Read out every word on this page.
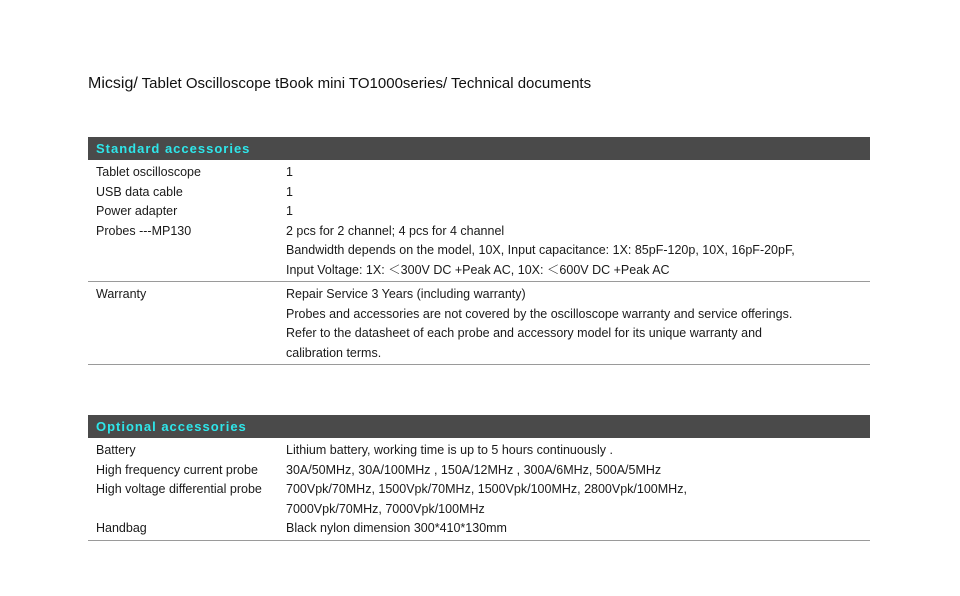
Micsig/ Tablet Oscilloscope tBook mini TO1000series/ Technical documents
Standard accessories
Tablet oscilloscope	1
USB data cable	1
Power adapter	1
Probes ---MP130	2 pcs for 2 channel; 4 pcs for 4 channel
Bandwidth depends on the model, 10X, Input capacitance: 1X: 85pF-120p, 10X, 16pF-20pF,
Input Voltage: 1X: ＜300V DC +Peak AC, 10X: ＜600V DC +Peak AC
Warranty	Repair Service 3 Years (including warranty)
Probes and accessories are not covered by the oscilloscope warranty and service offerings.
Refer to the datasheet of each probe and accessory model for its unique warranty and
calibration terms.
Optional accessories
Battery	Lithium battery, working time is up to 5 hours continuously .
High frequency current probe	30A/50MHz, 30A/100MHz , 150A/12MHz , 300A/6MHz, 500A/5MHz
High voltage differential probe	700Vpk/70MHz, 1500Vpk/70MHz, 1500Vpk/100MHz, 2800Vpk/100MHz,
7000Vpk/70MHz, 7000Vpk/100MHz
Handbag	Black nylon dimension 300*410*130mm
